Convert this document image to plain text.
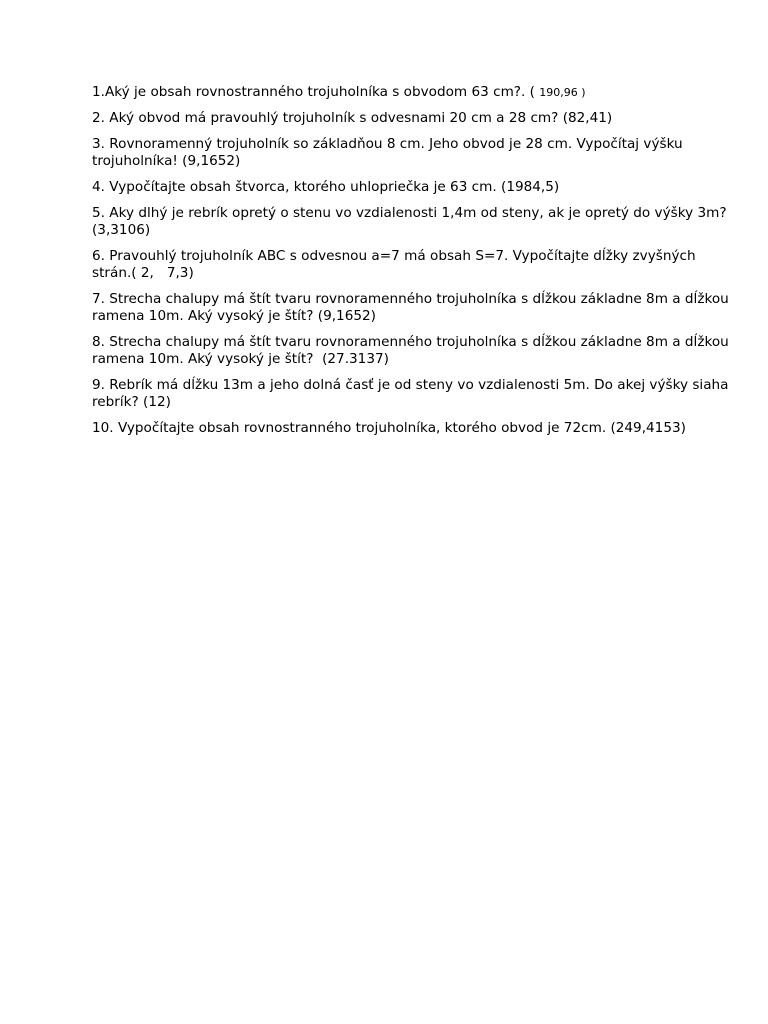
1.Aký je obsah rovnostranného trojuholníka s obvodom 63 cm?. ( 190,96 )

2. Aký obvod má pravouhlý trojuholník s odvesnami 20 cm a 28 cm? (82,41)

3. Rovnoramenný trojuholník so základňou 8 cm. Jeho obvod je 28 cm. Vypočítaj výšku trojuholníka! (9,1652)

4. Vypočítajte obsah štvorca, ktorého uhlopriečka je 63 cm. (1984,5)

5. Aky dlhý je rebrík opretý o stenu vo vzdialenosti 1,4m od steny, ak je opretý do výšky 3m? (3,3106)

6. Pravouhlý trojuholník ABC s odvesnou a=7 má obsah S=7. Vypočítajte dĺžky zvyšných strán.( 2,   7,3)

7. Strecha chalupy má štít tvaru rovnoramenného trojuholníka s dĺžkou základne 8m a dĺžkou ramena 10m. Aký vysoký je štít? (9,1652)

8. Strecha chalupy má štít tvaru rovnoramenného trojuholníka s dĺžkou základne 8m a dĺžkou ramena 10m. Aký vysoký je štít?  (27.3137)

9. Rebrík má dĺžku 13m a jeho dolná časť je od steny vo vzdialenosti 5m. Do akej výšky siaha rebrík? (12)

10. Vypočítajte obsah rovnostranného trojuholníka, ktorého obvod je 72cm. (249,4153)
